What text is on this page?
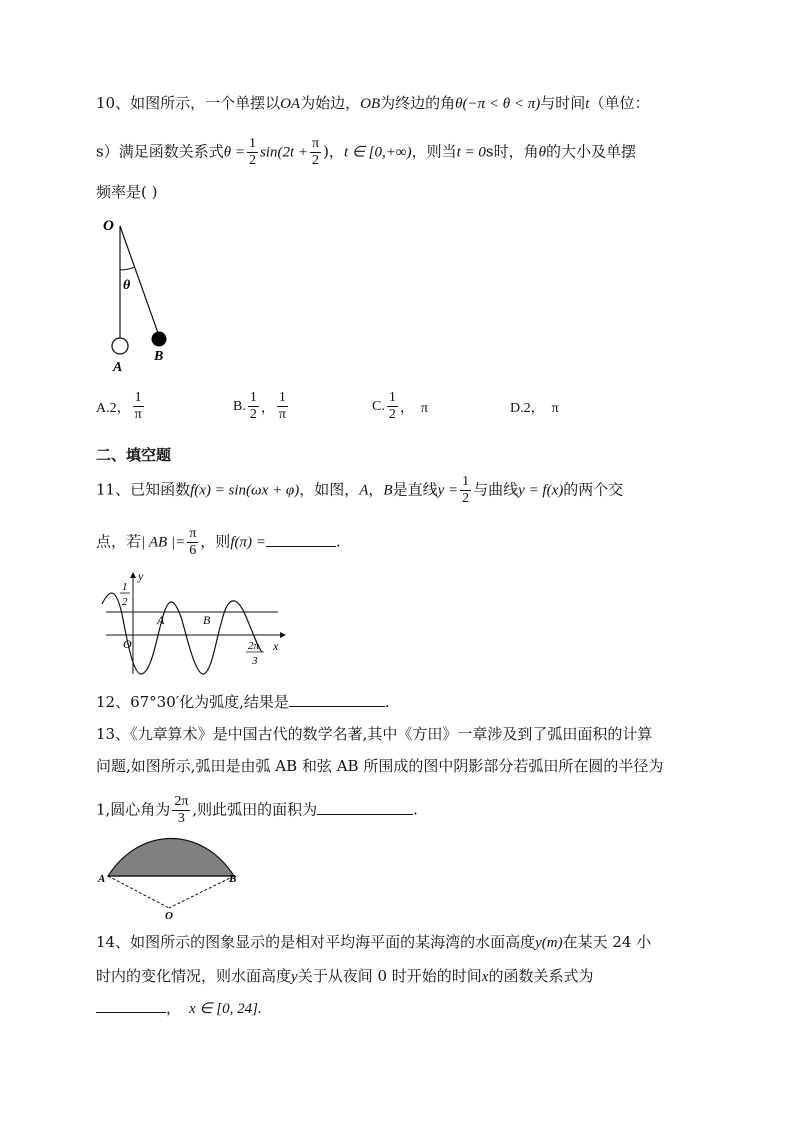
10、如图所示，一个单摆以OA为始边，OB为终边的角θ(−π < θ < π)与时间t（单位：
s）满足函数关系式$\theta = \frac{1}{2} \sin(2t + \frac{\pi}{2}$ )，t ∈ [0,+∞)，则当t = 0s时，角θ的大小及单摆
频率是( )
O
θ
A
B
A.2， $\frac{1}{\pi}$	B. $\frac{1}{2}$ ， $\frac{1}{\pi}$	C. $\frac{1}{2}$ ，  π	D.2，  π
二、填空题
11、已知函数f(x) = sin(ωx + φ)，如图，A，B是直线$y = \frac{1}{2}$ 与曲线y = f(x)的两个交
点，若| AB |= $\frac{\pi}{6}$ ，则f(π) =	.
y
x
O
A	B
1
2
2π
3
12、67°30′化为弧度,结果是	.
13、《九章算术》是中国古代的数学名著,其中《方田》一章涉及到了弧田面积的计算
问题,如图所示,弧田是由弧 AB 和弦 AB 所围成的图中阴影部分若弧田所在圆的半径为
1,圆心角为 $\frac{2\pi}{3}$ ,则此弧田的面积为	.
A	B
O
14、如图所示的图象显示的是相对平均海平面的某海湾的水面高度y(m)在某天 24 小
时内的变化情况，则水面高度y关于从夜间 0 时开始的时间x的函数关系式为
， x ∈ [0, 24].
